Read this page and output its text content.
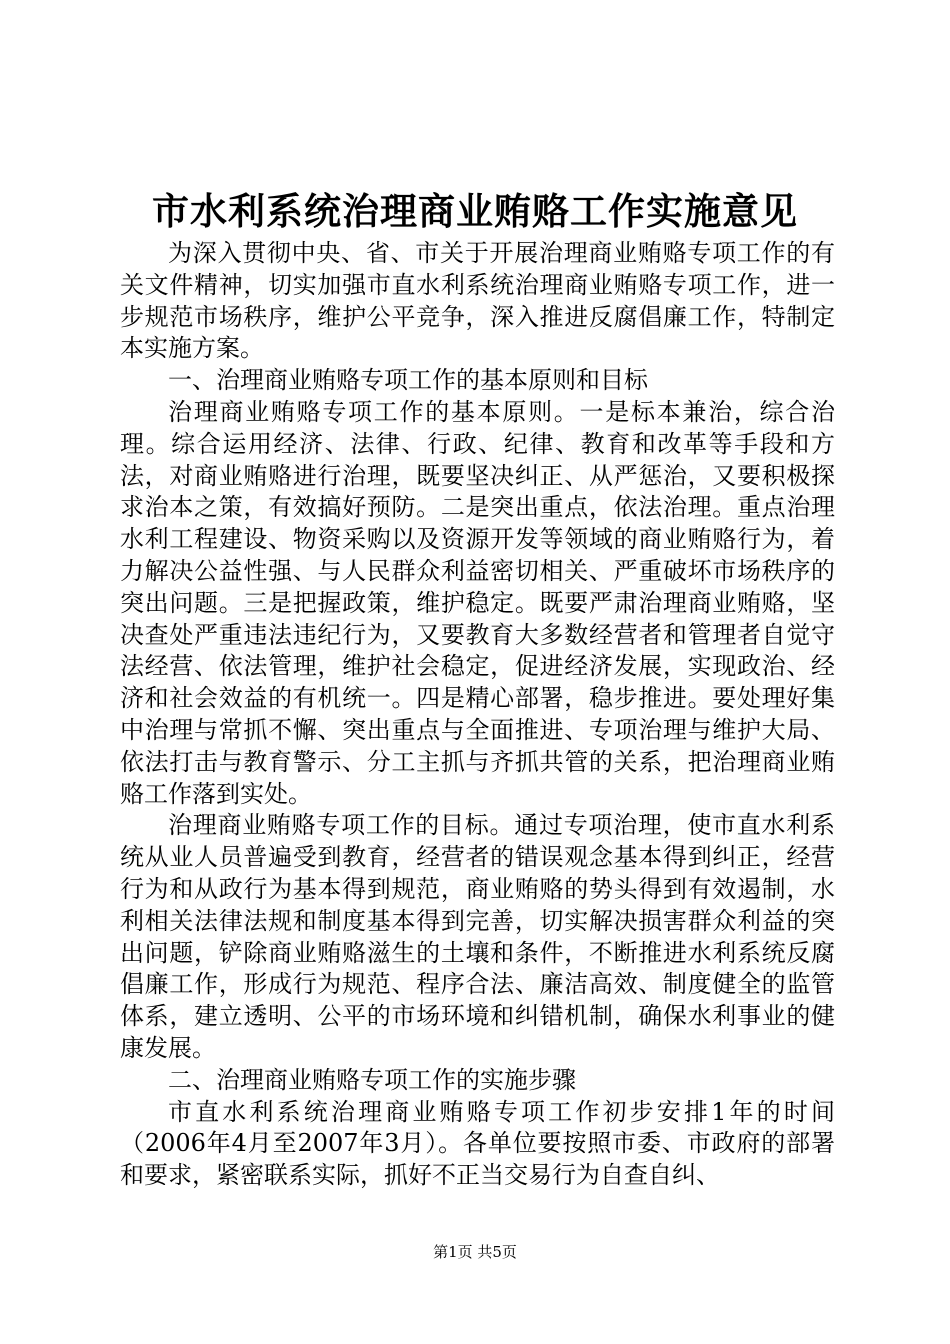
市水利系统治理商业贿赂工作实施意见

为深入贯彻中央、省、市关于开展治理商业贿赂专项工作的有关文件精神，切实加强市直水利系统治理商业贿赂专项工作，进一步规范市场秩序，维护公平竞争，深入推进反腐倡廉工作，特制定本实施方案。

一、治理商业贿赂专项工作的基本原则和目标

治理商业贿赂专项工作的基本原则。一是标本兼治，综合治理。综合运用经济、法律、行政、纪律、教育和改革等手段和方法，对商业贿赂进行治理，既要坚决纠正、从严惩治，又要积极探求治本之策，有效搞好预防。二是突出重点，依法治理。重点治理水利工程建设、物资采购以及资源开发等领域的商业贿赂行为，着力解决公益性强、与人民群众利益密切相关、严重破坏市场秩序的突出问题。三是把握政策，维护稳定。既要严肃治理商业贿赂，坚决查处严重违法违纪行为，又要教育大多数经营者和管理者自觉守法经营、依法管理，维护社会稳定，促进经济发展，实现政治、经济和社会效益的有机统一。四是精心部署，稳步推进。要处理好集中治理与常抓不懈、突出重点与全面推进、专项治理与维护大局、依法打击与教育警示、分工主抓与齐抓共管的关系，把治理商业贿赂工作落到实处。

治理商业贿赂专项工作的目标。通过专项治理，使市直水利系统从业人员普遍受到教育，经营者的错误观念基本得到纠正，经营行为和从政行为基本得到规范，商业贿赂的势头得到有效遏制，水利相关法律法规和制度基本得到完善，切实解决损害群众利益的突出问题，铲除商业贿赂滋生的土壤和条件，不断推进水利系统反腐倡廉工作，形成行为规范、程序合法、廉洁高效、制度健全的监管体系，建立透明、公平的市场环境和纠错机制，确保水利事业的健康发展。

二、治理商业贿赂专项工作的实施步骤

市直水利系统治理商业贿赂专项工作初步安排1年的时间（2006年4月至2007年3月）。各单位要按照市委、市政府的部署和要求，紧密联系实际，抓好不正当交易行为自查自纠、

第1页 共5页
